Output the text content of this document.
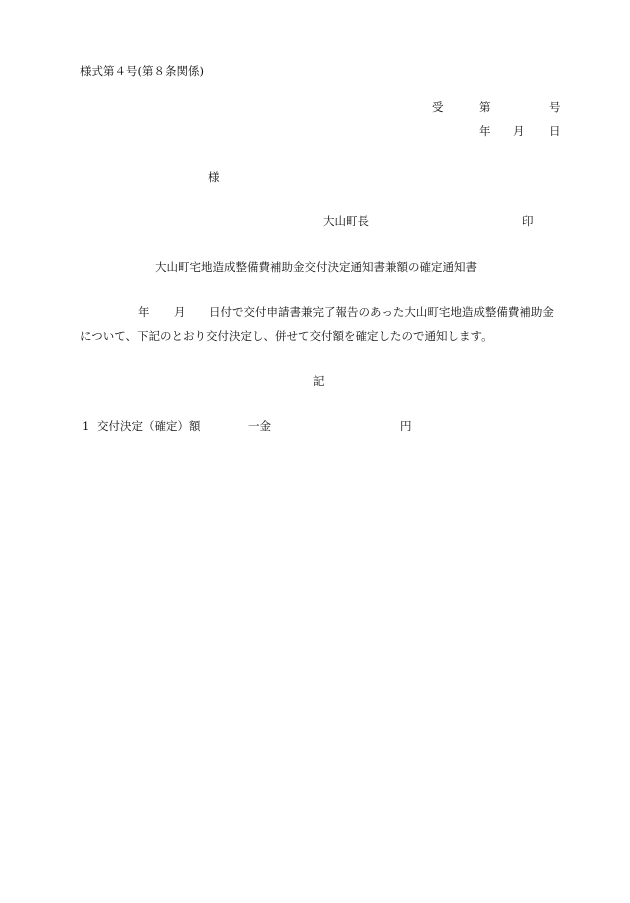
様式第４号(第８条関係)
受	第	号
年 月 日
様
大山町長	印
大山町宅地造成整備費補助金交付決定通知書兼額の確定通知書
年 月 日付で交付申請書兼完了報告のあった大山町宅地造成整備費補助金
について、下記のとおり交付決定し、併せて交付額を確定したので通知します。
記
1 交付決定（確定）額	一金	円
